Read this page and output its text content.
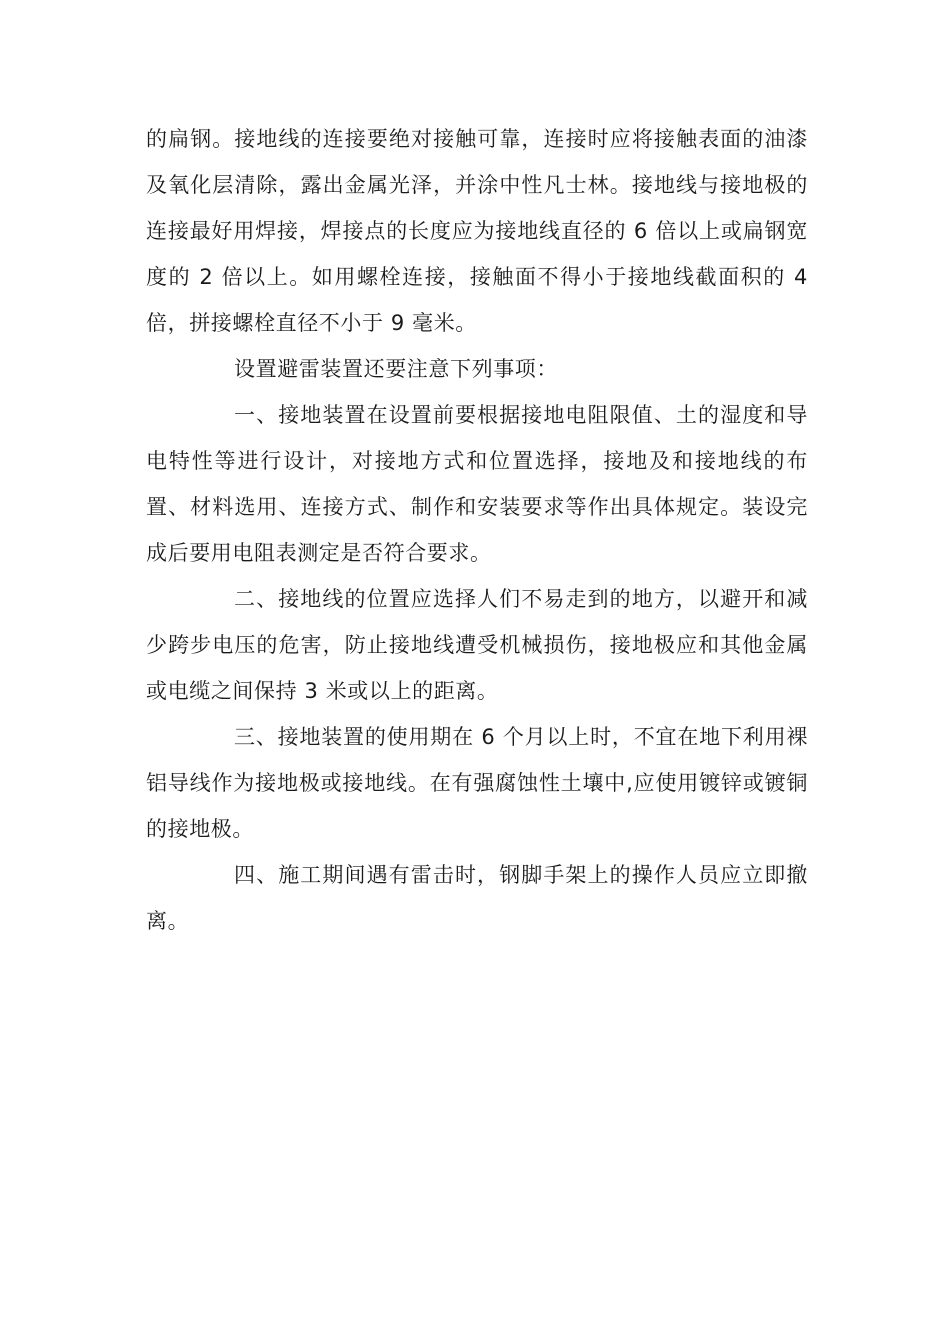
的扁钢。接地线的连接要绝对接触可靠，连接时应将接触表面的油漆及氧化层清除，露出金属光泽，并涂中性凡士林。接地线与接地极的连接最好用焊接，焊接点的长度应为接地线直径的 6 倍以上或扁钢宽度的 2 倍以上。如用螺栓连接，接触面不得小于接地线截面积的 4 倍，拼接螺栓直径不小于 9 毫米。

设置避雷装置还要注意下列事项：

一、接地装置在设置前要根据接地电阻限值、土的湿度和导电特性等进行设计，对接地方式和位置选择，接地及和接地线的布置、材料选用、连接方式、制作和安装要求等作出具体规定。装设完成后要用电阻表测定是否符合要求。

二、接地线的位置应选择人们不易走到的地方，以避开和减少跨步电压的危害，防止接地线遭受机械损伤，接地极应和其他金属或电缆之间保持 3 米或以上的距离。

三、接地装置的使用期在 6 个月以上时，不宜在地下利用裸铝导线作为接地极或接地线。在有强腐蚀性土壤中,应使用镀锌或镀铜的接地极。

四、施工期间遇有雷击时，钢脚手架上的操作人员应立即撤离。
